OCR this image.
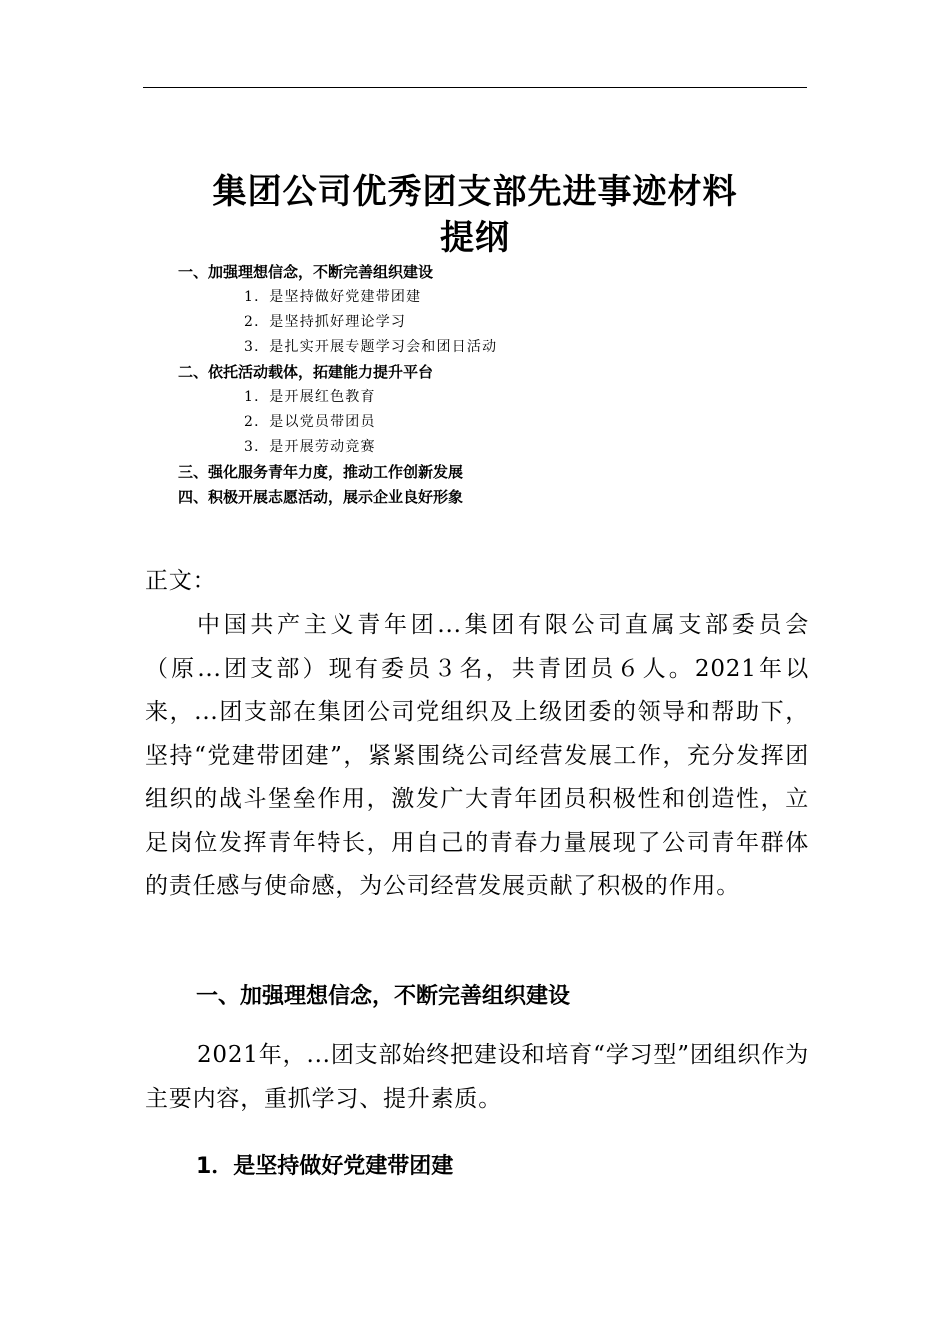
集团公司优秀团支部先进事迹材料
提纲
一、加强理想信念，不断完善组织建设
1．是坚持做好党建带团建
2．是坚持抓好理论学习
3．是扎实开展专题学习会和团日活动
二、依托活动载体，拓建能力提升平台
1．是开展红色教育
2．是以党员带团员
3．是开展劳动竞赛
三、强化服务青年力度，推动工作创新发展
四、积极开展志愿活动，展示企业良好形象
正文：
中国共产主义青年团...集团有限公司直属支部委员会（原...团支部）现有委员３名，共青团员６人。2021年以来，...团支部在集团公司党组织及上级团委的领导和帮助下，坚持“党建带团建”，紧紧围绕公司经营发展工作，充分发挥团组织的战斗堡垒作用，激发广大青年团员积极性和创造性，立足岗位发挥青年特长，用自己的青春力量展现了公司青年群体的责任感与使命感，为公司经营发展贡献了积极的作用。
一、加强理想信念，不断完善组织建设
2021年，...团支部始终把建设和培育“学习型”团组织作为主要内容，重抓学习、提升素质。
1．是坚持做好党建带团建
